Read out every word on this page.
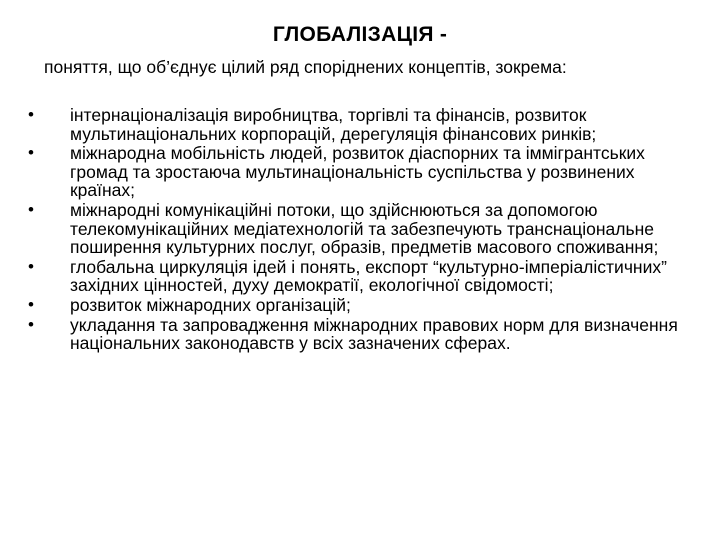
ГЛОБАЛІЗАЦІЯ -
поняття, що об’єднує цілий ряд споріднених концептів, зокрема:
•	інтернаціоналізація виробництва, торгівлі та фінансів, розвиток мультинаціональних корпорацій, дерегуляція фінансових ринків;
•	міжнародна мобільність людей, розвиток діаспорних та іммігрантських громад та зростаюча мультинаціональність суспільства у розвинених країнах;
•	міжнародні комунікаційні потоки, що здійснюються за допомогою телекомунікаційних медіатехнологій та забезпечують транснаціональне поширення культурних послуг, образів, предметів масового споживання;
•	глобальна циркуляція ідей і понять, експорт “культурно-імперіалістичних” західних цінностей, духу демократії, екологічної свідомості;
•	розвиток міжнародних організацій;
•	укладання та запровадження міжнародних правових норм для визначення національних законодавств у всіх зазначених сферах.
